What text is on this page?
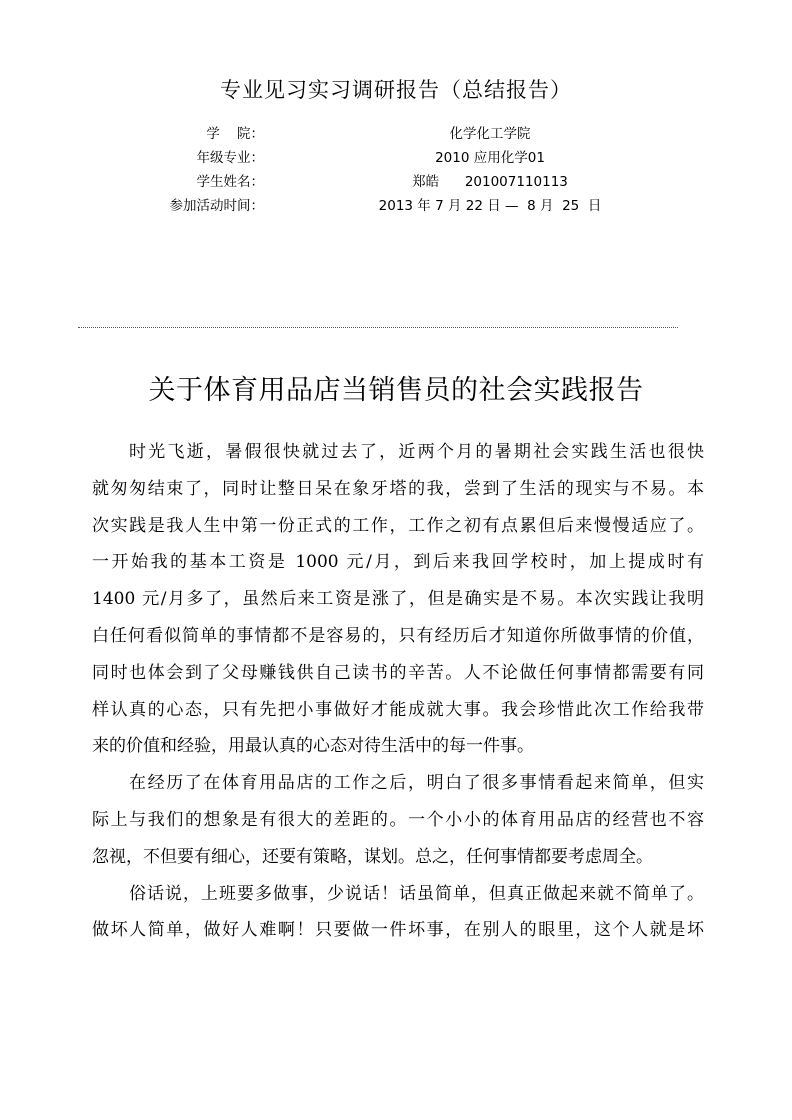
专业见习实习调研报告（总结报告）
学    院：	化学化工学院
年级专业：	2010 应用化学01
学生姓名：	郑皓      201007110113
参加活动时间：	2013 年 7 月 22 日 —  8 月  25  日
关于体育用品店当销售员的社会实践报告
时光飞逝，暑假很快就过去了，近两个月的暑期社会实践生活也很快
就匆匆结束了，同时让整日呆在象牙塔的我，尝到了生活的现实与不易。本
次实践是我人生中第一份正式的工作，工作之初有点累但后来慢慢适应了。
一开始我的基本工资是 1000 元/月，到后来我回学校时，加上提成时有
1400 元/月多了，虽然后来工资是涨了，但是确实是不易。本次实践让我明
白任何看似简单的事情都不是容易的，只有经历后才知道你所做事情的价值，
同时也体会到了父母赚钱供自己读书的辛苦。人不论做任何事情都需要有同
样认真的心态，只有先把小事做好才能成就大事。我会珍惜此次工作给我带
来的价值和经验，用最认真的心态对待生活中的每一件事。
在经历了在体育用品店的工作之后，明白了很多事情看起来简单，但实
际上与我们的想象是有很大的差距的。一个小小的体育用品店的经营也不容
忽视，不但要有细心，还要有策略，谋划。总之，任何事情都要考虑周全。
俗话说，上班要多做事，少说话！话虽简单，但真正做起来就不简单了。
做坏人简单，做好人难啊！只要做一件坏事，在别人的眼里，这个人就是坏
